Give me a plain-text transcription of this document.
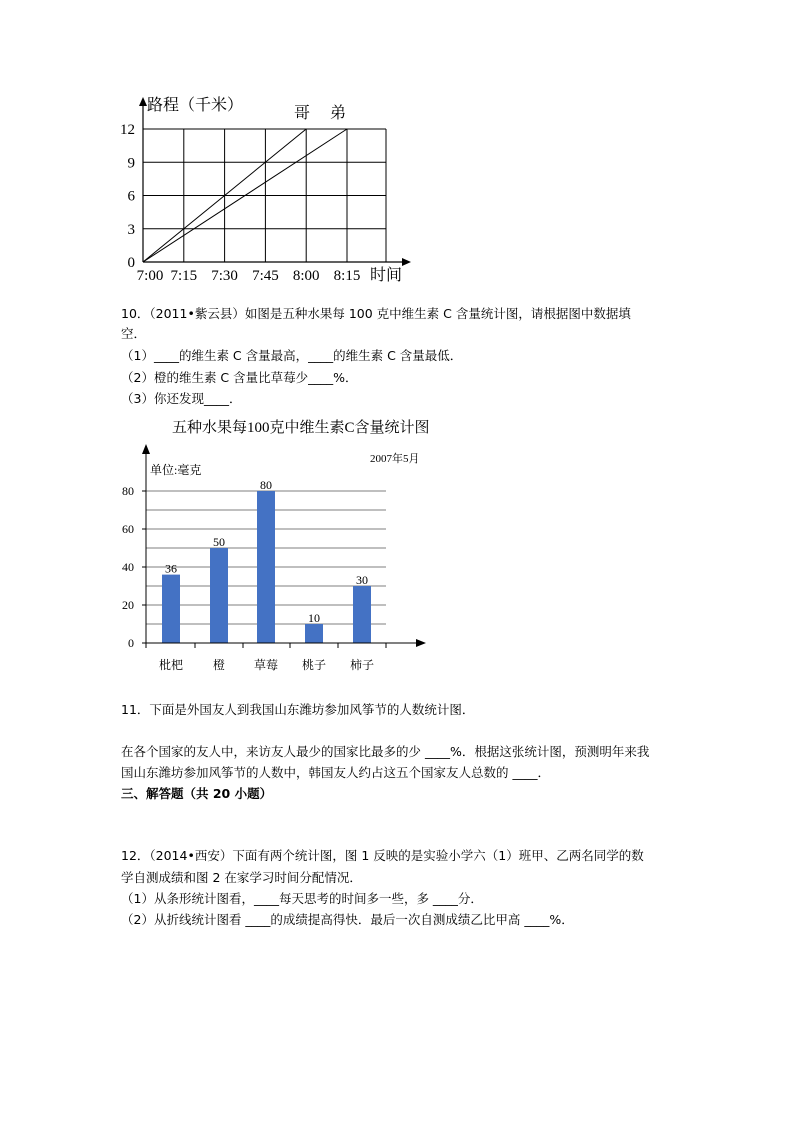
0
3
6
9
12
7:00 7:15 7:30 7:45 8:00 8:15
路程（千米）
时间
哥 弟
10．（2011•紫云县）如图是五种水果每 100 克中维生素 C 含量统计图，请根据图中数据填
空．
（1）____的维生素 C 含量最高，____的维生素 C 含量最低．
（2）橙的维生素 C 含量比草莓少____%．
（3）你还发现____．
五种水果每100克中维生素C含量统计图
2007年5月
单位:毫克
36
枇杷
50
橙
80
草莓
10
桃子
30
柿子
0
20
40
60
80
11．下面是外国友人到我国山东潍坊参加风筝节的人数统计图．
在各个国家的友人中，来访友人最少的国家比最多的少 ____%．根据这张统计图，预测明年来我
国山东潍坊参加风筝节的人数中，韩国友人约占这五个国家友人总数的 ____．
三、解答题（共 20 小题）
12．（2014•西安）下面有两个统计图，图 1 反映的是实验小学六（1）班甲、乙两名同学的数
学自测成绩和图 2 在家学习时间分配情况．
（1）从条形统计图看，____每天思考的时间多一些，多 ____分．
（2）从折线统计图看 ____的成绩提高得快．最后一次自测成绩乙比甲高 ____%．
